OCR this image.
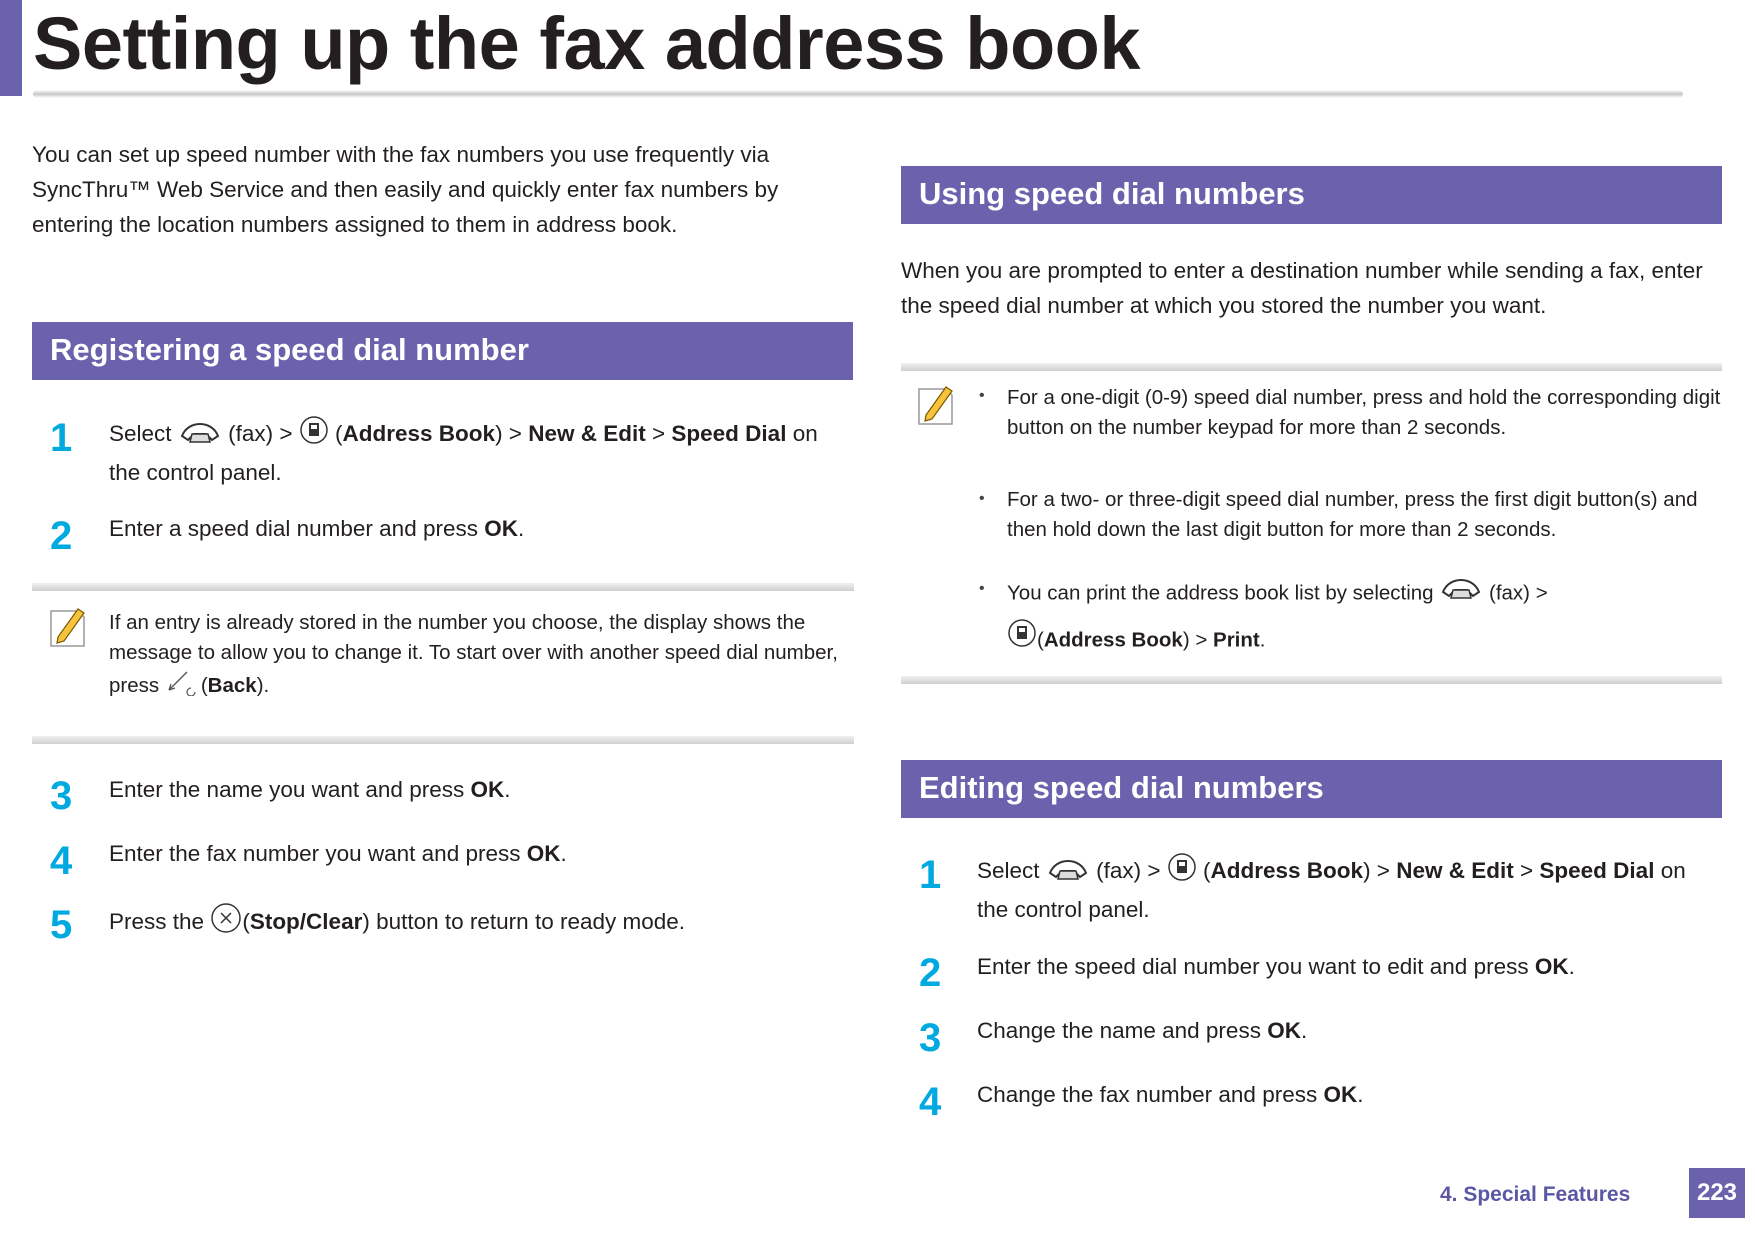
Setting up the fax address book
You can set up speed number with the fax numbers you use frequently via SyncThru™ Web Service and then easily and quickly enter fax numbers by entering the location numbers assigned to them in address book.
Registering a speed dial number
1	Select	(fax) > (Address Book) > New & Edit > Speed Dial on the control panel.
2	Enter a speed dial number and press OK.
If an entry is already stored in the number you choose, the display shows the message to allow you to change it. To start over with another speed dial number, press (Back).
3	Enter the name you want and press OK.
4	Enter the fax number you want and press OK.
5	Press the (Stop/Clear) button to return to ready mode.
Using speed dial numbers
When you are prompted to enter a destination number while sending a fax, enter the speed dial number at which you stored the number you want.
•	For a one-digit (0-9) speed dial number, press and hold the corresponding digit button on the number keypad for more than 2 seconds.
•	For a two- or three-digit speed dial number, press the first digit button(s) and then hold down the last digit button for more than 2 seconds.
•	You can print the address book list by selecting	(fax) >
(Address Book) > Print.
Editing speed dial numbers
1	Select	(fax) > (Address Book) > New & Edit > Speed Dial on the control panel.
2	Enter the speed dial number you want to edit and press OK.
3	Change the name and press OK.
4	Change the fax number and press OK.
4. Special Features	223
